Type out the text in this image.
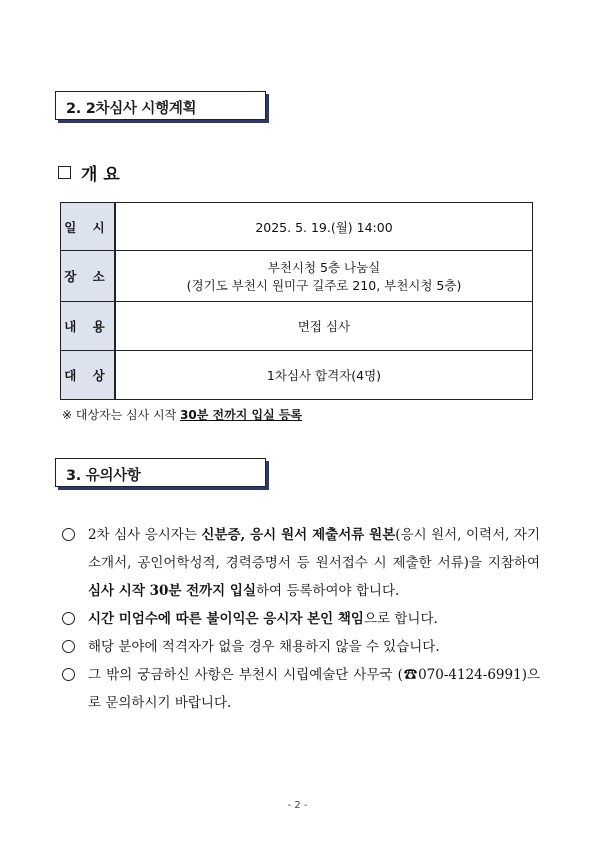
2. 2차심사 시행계획
개 요
일 시	2025. 5. 19.(월) 14:00
장 소	부천시청 5층 나눔실
(경기도 부천시 원미구 길주로 210, 부천시청 5층)

내 용	면접 심사
대 상	1차심사 합격자(4명)
※ 대상자는 심사 시작 30분 전까지 입실 등록
3. 유의사항
2차 심사 응시자는 신분증, 응시 원서 제출서류 원본(응시 원서, 이력서, 자기소개서, 공인어학성적, 경력증명서 등 원서접수 시 제출한 서류)을 지참하여 심사 시작 30분 전까지 입실하여 등록하여야 합니다.
시간 미엄수에 따른 불이익은 응시자 본인 책임으로 합니다.
해당 분야에 적격자가 없을 경우 채용하지 않을 수 있습니다.
그 밖의 궁금하신 사항은 부천시 시립예술단 사무국 (☎070-4124-6991)으로 문의하시기 바랍니다.
- 2 -
